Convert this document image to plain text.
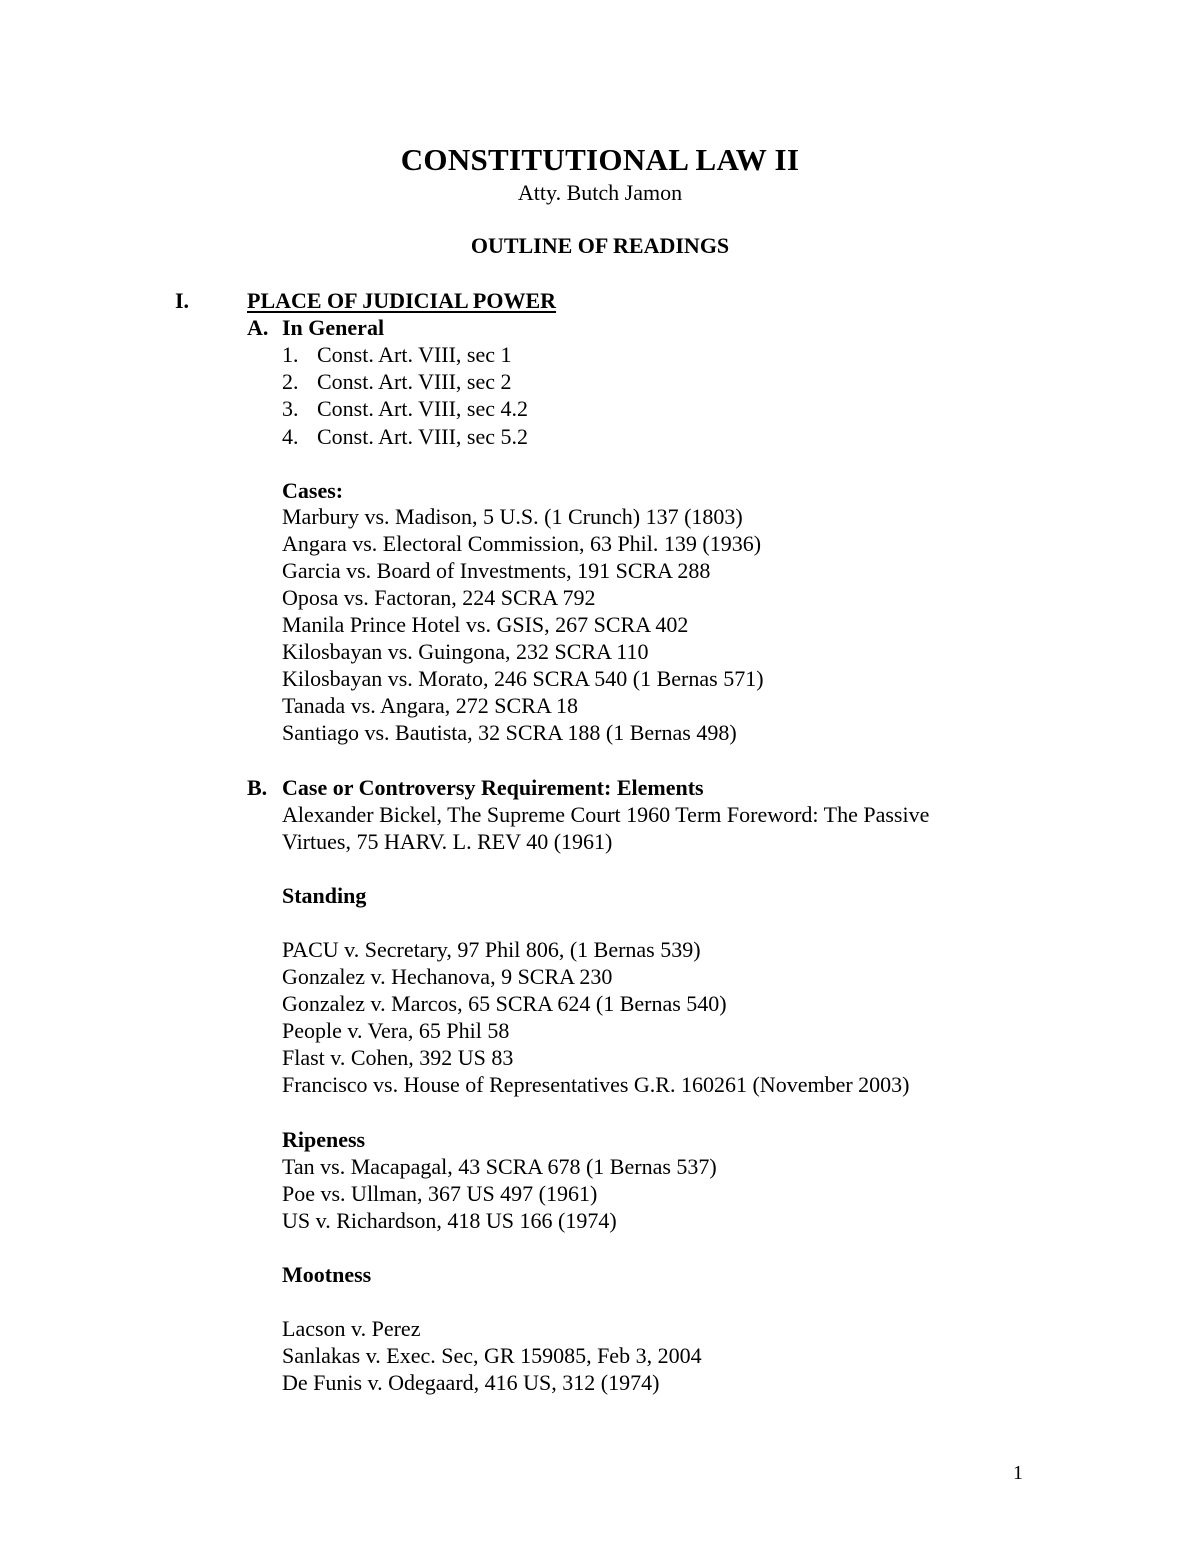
CONSTITUTIONAL LAW II
Atty. Butch Jamon
OUTLINE OF READINGS
I.	PLACE OF JUDICIAL POWER
A. In General
1. Const. Art. VIII, sec 1
2. Const. Art. VIII, sec 2
3. Const. Art. VIII, sec 4.2
4. Const. Art. VIII, sec 5.2
Cases:
Marbury vs. Madison, 5 U.S. (1 Crunch) 137 (1803)
Angara vs. Electoral Commission, 63 Phil. 139 (1936)
Garcia vs. Board of Investments, 191 SCRA 288
Oposa vs. Factoran, 224 SCRA 792
Manila Prince Hotel vs. GSIS, 267 SCRA 402
Kilosbayan vs. Guingona, 232 SCRA 110
Kilosbayan vs. Morato, 246 SCRA 540 (1 Bernas 571)
Tanada vs. Angara, 272 SCRA 18
Santiago vs. Bautista, 32 SCRA 188 (1 Bernas 498)
B. Case or Controversy Requirement: Elements
Alexander Bickel, The Supreme Court 1960 Term Foreword: The Passive
Virtues, 75 HARV. L. REV 40 (1961)
Standing
PACU v. Secretary, 97 Phil 806, (1 Bernas 539)
Gonzalez v. Hechanova, 9 SCRA 230
Gonzalez v. Marcos, 65 SCRA 624 (1 Bernas 540)
People v. Vera, 65 Phil 58
Flast v. Cohen, 392 US 83
Francisco vs. House of Representatives G.R. 160261 (November 2003)
Ripeness
Tan vs. Macapagal, 43 SCRA 678 (1 Bernas 537)
Poe vs. Ullman, 367 US 497 (1961)
US v. Richardson, 418 US 166 (1974)
Mootness
Lacson v. Perez
Sanlakas v. Exec. Sec, GR 159085, Feb 3, 2004
De Funis v. Odegaard, 416 US, 312 (1974)
1
